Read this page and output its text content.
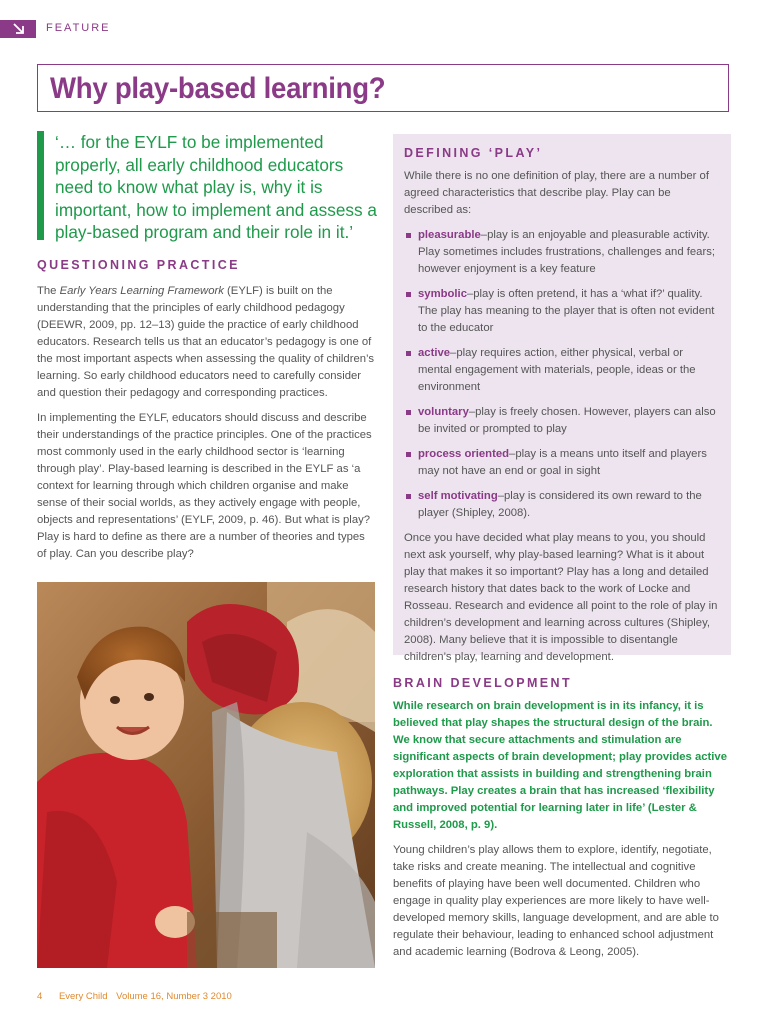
FEATURE
Why play-based learning?

‘… for the EYLF to be implemented properly, all early childhood educators need to know what play is, why it is important, how to implement and assess a play-based program and their role in it.’

QUESTIONING PRACTICE

The Early Years Learning Framework (EYLF) is built on the understanding that the principles of early childhood pedagogy (DEEWR, 2009, pp. 12–13) guide the practice of early childhood educators. Research tells us that an educator’s pedagogy is one of the most important aspects when assessing the quality of children’s learning. So early childhood educators need to carefully consider and question their pedagogy and corresponding practices.

In implementing the EYLF, educators should discuss and describe their understandings of the practice principles. One of the practices most commonly used in the early childhood sector is ‘learning through play’. Play-based learning is described in the EYLF as ‘a context for learning through which children organise and make sense of their social worlds, as they actively engage with people, objects and representations’ (EYLF, 2009, p. 46). But what is play? Play is hard to define as there are a number of theories and types of play. Can you describe play?

DEFINING ‘PLAY’

While there is no one definition of play, there are a number of agreed characteristics that describe play. Play can be described as:

pleasurable–play is an enjoyable and pleasurable activity. Play sometimes includes frustrations, challenges and fears; however enjoyment is a key feature
symbolic–play is often pretend, it has a ‘what if?’ quality. The play has meaning to the player that is often not evident to the educator
active–play requires action, either physical, verbal or mental engagement with materials, people, ideas or the environment
voluntary–play is freely chosen. However, players can also be invited or prompted to play
process oriented–play is a means unto itself and players may not have an end or goal in sight
self motivating–play is considered its own reward to the player (Shipley, 2008).

Once you have decided what play means to you, you should next ask yourself, why play-based learning? What is it about play that makes it so important? Play has a long and detailed research history that dates back to the work of Locke and Rosseau. Research and evidence all point to the role of play in children’s development and learning across cultures (Shipley, 2008). Many believe that it is impossible to disentangle children’s play, learning and development.

BRAIN DEVELOPMENT

While research on brain development is in its infancy, it is believed that play shapes the structural design of the brain. We know that secure attachments and stimulation are significant aspects of brain development; play provides active exploration that assists in building and strengthening brain pathways. Play creates a brain that has increased ‘flexibility and improved potential for learning later in life’ (Lester & Russell, 2008, p. 9).

Young children’s play allows them to explore, identify, negotiate, take risks and create meaning. The intellectual and cognitive benefits of playing have been well documented. Children who engage in quality play experiences are more likely to have well-developed memory skills, language development, and are able to regulate their behaviour, leading to enhanced school adjustment and academic learning (Bodrova & Leong, 2005).

4 Every Child Volume 16, Number 3 2010
